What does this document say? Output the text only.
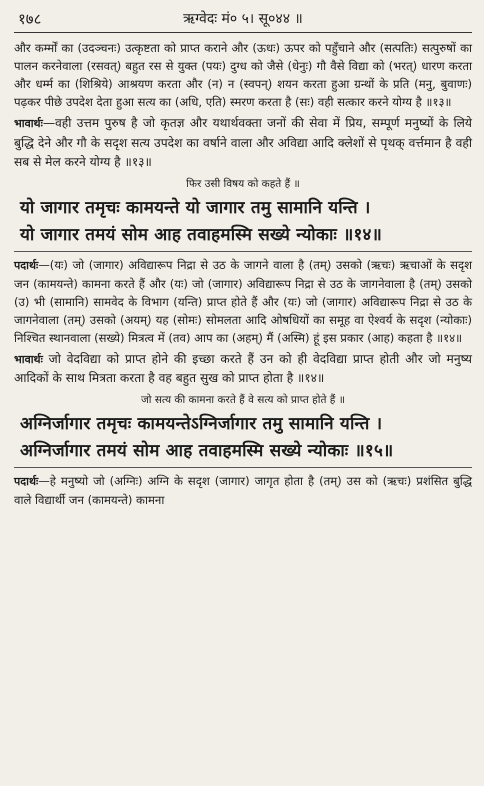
१७८	ऋग्वेदः मं० ५। सू०४४ ॥

और कर्म्मों का (उदञ्चनः) उत्कृष्टता को प्राप्त कराने और (ऊधः) ऊपर को पहुँचाने और (सत्पतिः) सत्पुरुषों का पालन करनेवाला (रसवत्) बहुत रस से युक्त (पयः) दुग्ध को जैसे (धेनुः) गौ वैसे विद्या को (भरत्) धारण करता और धर्म्म का (शिश्रिये) आश्रयण करता और (न) न (स्वपन्) शयन करता हुआ ग्रन्थों के प्रति (मनु, बुवाणः) पढ़कर पीछे उपदेश देता हुआ सत्य का (अधि, एति) स्मरण करता है (सः) वही सत्कार करने योग्य है ॥१३॥

भावार्थः—वही उत्तम पुरुष है जो कृतज्ञ और यथार्थवक्ता जनों की सेवा में प्रिय, सम्पूर्ण मनुष्यों के लिये बुद्धि देने और गौ के सदृश सत्य उपदेश का वर्षाने वाला और अविद्या आदि क्लेशों से पृथक् वर्त्तमान है वही सब से मेल करने योग्य है ॥१३॥

फिर उसी विषय को कहते हैं ॥

यो जागार तमृचः कामयन्ते यो जागार तमु सामानि यन्ति ।

यो जागार तमयं सोम आह तवाहमस्मि सख्ये न्योकाः ॥१४॥

पदार्थः—(यः) जो (जागार) अविद्यारूप निद्रा से उठ के जागने वाला है (तम्) उसको (ऋचः) ऋचाओं के सदृश जन (कामयन्ते) कामना करते हैं और (यः) जो (जागार) अविद्यारूप निद्रा से उठ के जागनेवाला है (तम्) उसको (उ) भी (सामानि) सामवेद के विभाग (यन्ति) प्राप्त होते हैं और (यः) जो (जागार) अविद्यारूप निद्रा से उठ के जागनेवाला (तम्) उसको (अयम्) यह (सोमः) सोमलता आदि ओषधियों का समूह वा ऐश्वर्य के सदृश (न्योकाः) निश्चित स्थानवाला (सख्ये) मित्रत्व में (तव) आप का (अहम्) मैं (अस्मि) हूं इस प्रकार (आह) कहता है ॥१४॥

भावार्थः जो वेदविद्या को प्राप्त होने की इच्छा करते हैं उन को ही वेदविद्या प्राप्त होती और जो मनुष्य आदिकों के साथ मित्रता करता है वह बहुत सुख को प्राप्त होता है ॥१४॥

जो सत्य की कामना करते हैं वे सत्य को प्राप्त होते हैं ॥

अग्निर्जागार तमृचः कामयन्तेऽग्निर्जागार तमु सामानि यन्ति ।

अग्निर्जागार तमयं सोम आह तवाहमस्मि सख्ये न्योकाः ॥१५॥

पदार्थः—हे मनुष्यो जो (अग्निः) अग्नि के सदृश (जागार) जागृत होता है (तम्) उस को (ऋचः) प्रशंसित बुद्धि वाले विद्यार्थी जन (कामयन्ते) कामना
